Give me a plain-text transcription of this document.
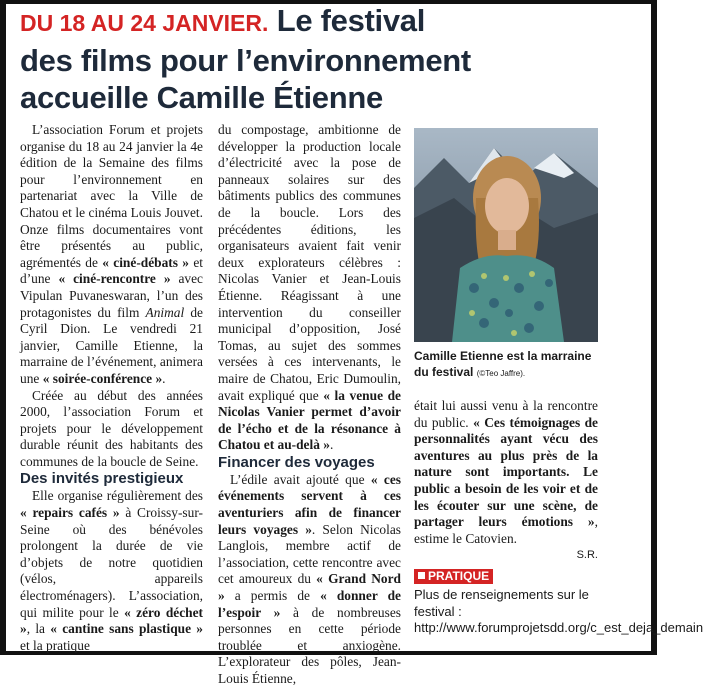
DU 18 AU 24 JANVIER. Le festival
des films pour l’environnement
accueille Camille Étienne

L’association Forum et projets organise du 18 au 24 janvier la 4e édition de la Semaine des films pour l’environnement en partenariat avec la Ville de Chatou et le cinéma Louis Jouvet. Onze films documentaires vont être présentés au public, agrémentés de « ciné-débats » et d’une « ciné-rencontre » avec Vipulan Puvaneswaran, l’un des protagonistes du film Animal de Cyril Dion. Le vendredi 21 janvier, Camille Etienne, la marraine de l’événement, animera une « soirée-conférence ».

Créée au début des années 2000, l’association Forum et projets pour le développement durable réunit des habitants des communes de la boucle de Seine.

Des invités prestigieux

Elle organise régulièrement des « repairs cafés » à Croissy-sur-Seine où des bénévoles prolongent la durée de vie d’objets de notre quotidien (vélos, appareils électroménagers). L’association, qui milite pour le « zéro déchet », la « cantine sans plastique » et la pratique

du compostage, ambitionne de développer la production locale d’électricité avec la pose de panneaux solaires sur des bâtiments publics des communes de la boucle. Lors des précédentes éditions, les organisateurs avaient fait venir deux explorateurs célèbres : Nicolas Vanier et Jean-Louis Étienne. Réagissant à une intervention du conseiller municipal d’opposition, José Tomas, au sujet des sommes versées à ces intervenants, le maire de Chatou, Eric Dumoulin, avait expliqué que « la venue de Nicolas Vanier permet d’avoir de l’écho et de la résonance à Chatou et au-delà ».

Financer des voyages

L’édile avait ajouté que « ces événements servent à ces aventuriers afin de financer leurs voyages ». Selon Nicolas Langlois, membre actif de l’association, cette rencontre avec cet amoureux du « Grand Nord » a permis de « donner de l’espoir » à de nombreuses personnes en cette période troublée et anxiogène. L’explorateur des pôles, Jean-Louis Étienne,

Camille Etienne est la marraine du festival (©Teo Jaffre).

était lui aussi venu à la rencontre du public. « Ces témoignages de personnalités ayant vécu des aventures au plus près de la nature sont importants. Le public a besoin de les voir et de les écouter sur une scène, de partager leurs émotions », estime le Catovien.

S.R.

PRATIQUE
Plus de renseignements sur le festival : http://www.forumprojetsdd.org/c_est_deja_demain
